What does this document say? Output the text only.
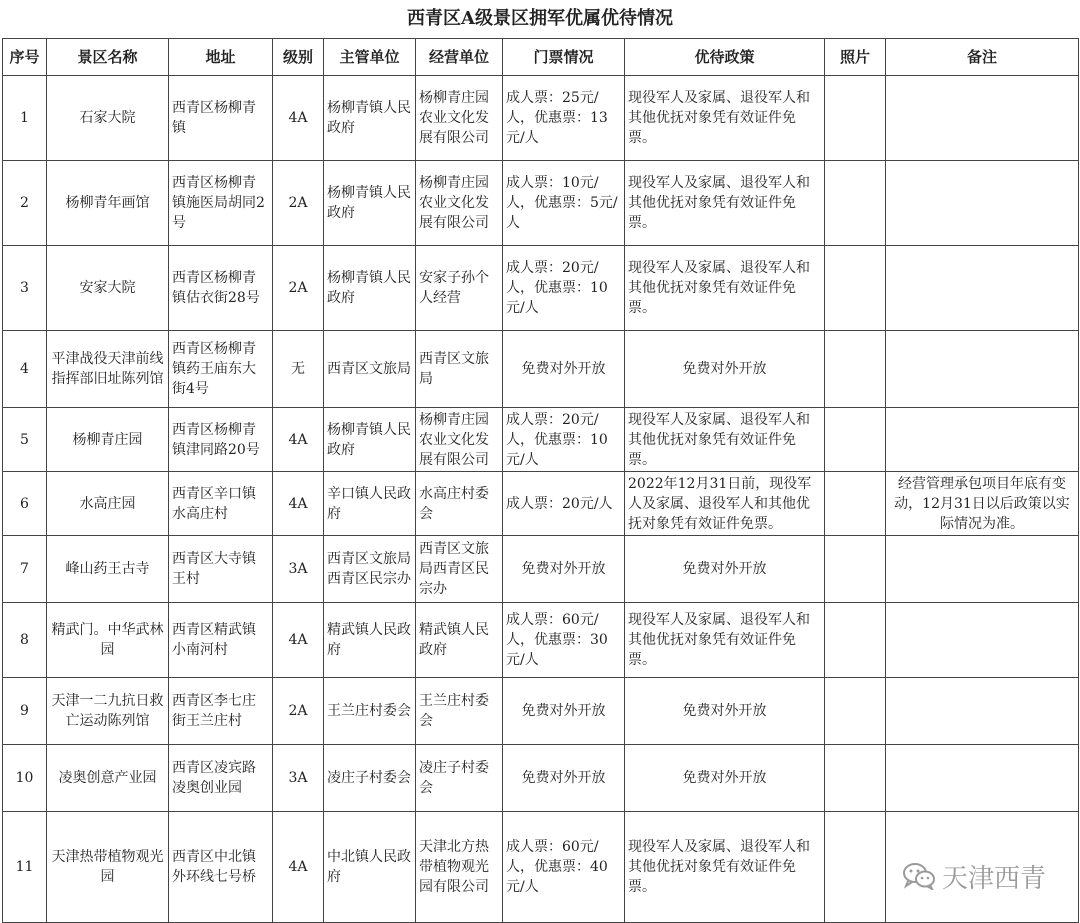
西青区A级景区拥军优属优待情况
序号	景区名称	地址	级别	主管单位	经营单位	门票情况	优待政策	照片	备注
1	石家大院	西青区杨柳青镇	4A	杨柳青镇人民政府	杨柳青庄园农业文化发展有限公司	成人票：25元/人，优惠票：13元/人	现役军人及家属、退役军人和其他优抚对象凭有效证件免票。		
2	杨柳青年画馆	西青区杨柳青镇施医局胡同2号	2A	杨柳青镇人民政府	杨柳青庄园农业文化发展有限公司	成人票：10元/人，优惠票：5元/人	现役军人及家属、退役军人和其他优抚对象凭有效证件免票。		
3	安家大院	西青区杨柳青镇估衣街28号	2A	杨柳青镇人民政府	安家子孙个人经营	成人票：20元/人，优惠票：10元/人	现役军人及家属、退役军人和其他优抚对象凭有效证件免票。		
4	平津战役天津前线指挥部旧址陈列馆	西青区杨柳青镇药王庙东大街4号	无	西青区文旅局	西青区文旅局	免费对外开放	免费对外开放		
5	杨柳青庄园	西青区杨柳青镇津同路20号	4A	杨柳青镇人民政府	杨柳青庄园农业文化发展有限公司	成人票：20元/人，优惠票：10元/人	现役军人及家属、退役军人和其他优抚对象凭有效证件免票。		
6	水高庄园	西青区辛口镇水高庄村	4A	辛口镇人民政府	水高庄村委会	成人票：20元/人	2022年12月31日前，现役军人及家属、退役军人和其他优抚对象凭有效证件免票。		经营管理承包项目年底有变动，12月31日以后政策以实际情况为准。
7	峰山药王古寺	西青区大寺镇王村	3A	西青区文旅局西青区民宗办	西青区文旅局西青区民宗办	免费对外开放	免费对外开放		
8	精武门。中华武林园	西青区精武镇小南河村	4A	精武镇人民政府	精武镇人民政府	成人票：60元/人，优惠票：30元/人	现役军人及家属、退役军人和其他优抚对象凭有效证件免票。		
9	天津一二九抗日救亡运动陈列馆	西青区李七庄街王兰庄村	2A	王兰庄村委会	王兰庄村委会	免费对外开放	免费对外开放		
10	凌奥创意产业园	西青区凌宾路凌奥创业园	3A	凌庄子村委会	凌庄子村委会	免费对外开放	免费对外开放		
11	天津热带植物观光园	西青区中北镇外环线七号桥	4A	中北镇人民政府	天津北方热带植物观光园有限公司	成人票：60元/人，优惠票：40元/人	现役军人及家属、退役军人和其他优抚对象凭有效证件免票。			天津西青
